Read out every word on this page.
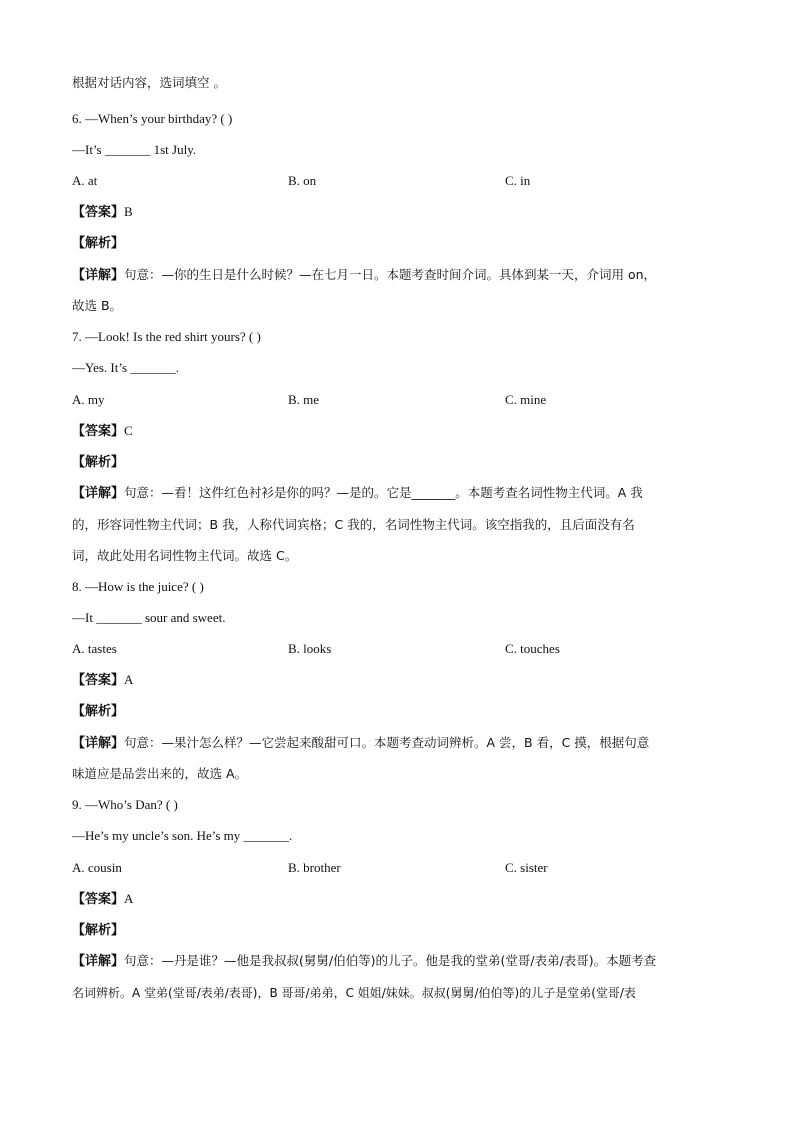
根据对话内容，选词填空 。
6. —When’s your birthday? ( )
—It’s _______ 1st July.
A. at	B. on	C. in
【答案】B
【解析】
【详解】句意：—你的生日是什么时候？—在七月一日。本题考查时间介词。具体到某一天，介词用 on，
故选 B。
7. —Look! Is the red shirt yours? ( )
—Yes. It’s _______.
A. my	B. me	C. mine
【答案】C
【解析】
【详解】句意：—看！这件红色衬衫是你的吗？—是的。它是_______。本题考查名词性物主代词。A 我
的，形容词性物主代词；B 我，人称代词宾格；C 我的，名词性物主代词。该空指我的，且后面没有名
词，故此处用名词性物主代词。故选 C。
8. —How is the juice? ( )
—It _______ sour and sweet.
A. tastes	B. looks	C. touches
【答案】A
【解析】
【详解】句意：—果汁怎么样？—它尝起来酸甜可口。本题考查动词辨析。A 尝，B 看，C 摸，根据句意
味道应是品尝出来的，故选 A。
9. —Who’s Dan? ( )
—He’s my uncle’s son. He’s my _______.
A. cousin	B. brother	C. sister
【答案】A
【解析】
【详解】句意：—丹是谁？—他是我叔叔(舅舅/伯伯等)的儿子。他是我的堂弟(堂哥/表弟/表哥)。本题考查
名词辨析。A 堂弟(堂哥/表弟/表哥)，B 哥哥/弟弟，C 姐姐/妹妹。叔叔(舅舅/伯伯等)的儿子是堂弟(堂哥/表
